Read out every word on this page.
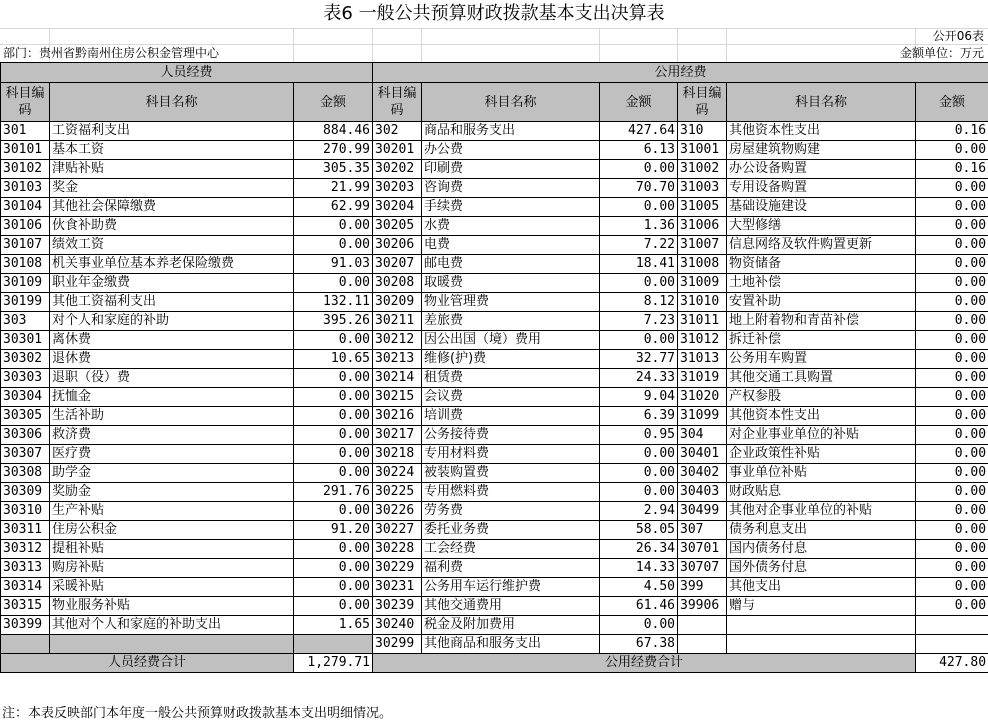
表6 一般公共预算财政拨款基本支出决算表
公开06表
部门：贵州省黔南州住房公积金管理中心	金额单位：万元
人员经费			公用经费					
科目编码	科目名称	金额	科目编码	科目名称	金额	科目编码	科目名称	金额
301	工资福利支出	884.46	302	商品和服务支出	427.64	310	其他资本性支出	0.16
30101	基本工资	270.99	30201	办公费	6.13	31001	房屋建筑物购建	0.00
30102	津贴补贴	305.35	30202	印刷费	0.00	31002	办公设备购置	0.16
30103	奖金	21.99	30203	咨询费	70.70	31003	专用设备购置	0.00
30104	其他社会保障缴费	62.99	30204	手续费	0.00	31005	基础设施建设	0.00
30106	伙食补助费	0.00	30205	水费	1.36	31006	大型修缮	0.00
30107	绩效工资	0.00	30206	电费	7.22	31007	信息网络及软件购置更新	0.00
30108	机关事业单位基本养老保险缴费	91.03	30207	邮电费	18.41	31008	物资储备	0.00
30109	职业年金缴费	0.00	30208	取暖费	0.00	31009	土地补偿	0.00
30199	其他工资福利支出	132.11	30209	物业管理费	8.12	31010	安置补助	0.00
303	对个人和家庭的补助	395.26	30211	差旅费	7.23	31011	地上附着物和青苗补偿	0.00
30301	离休费	0.00	30212	因公出国（境）费用	0.00	31012	拆迁补偿	0.00
30302	退休费	10.65	30213	维修(护)费	32.77	31013	公务用车购置	0.00
30303	退职（役）费	0.00	30214	租赁费	24.33	31019	其他交通工具购置	0.00
30304	抚恤金	0.00	30215	会议费	9.04	31020	产权参股	0.00
30305	生活补助	0.00	30216	培训费	6.39	31099	其他资本性支出	0.00
30306	救济费	0.00	30217	公务接待费	0.95	304	对企业事业单位的补贴	0.00
30307	医疗费	0.00	30218	专用材料费	0.00	30401	企业政策性补贴	0.00
30308	助学金	0.00	30224	被装购置费	0.00	30402	事业单位补贴	0.00
30309	奖励金	291.76	30225	专用燃料费	0.00	30403	财政贴息	0.00
30310	生产补贴	0.00	30226	劳务费	2.94	30499	其他对企事业单位的补贴	0.00
30311	住房公积金	91.20	30227	委托业务费	58.05	307	债务利息支出	0.00
30312	提租补贴	0.00	30228	工会经费	26.34	30701	国内债务付息	0.00
30313	购房补贴	0.00	30229	福利费	14.33	30707	国外债务付息	0.00
30314	采暖补贴	0.00	30231	公务用车运行维护费	4.50	399	其他支出	0.00
30315	物业服务补贴	0.00	30239	其他交通费用	61.46	39906	赠与	0.00
30399	其他对个人和家庭的补助支出	1.65	30240	税金及附加费用	0.00			
			30299	其他商品和服务支出	67.38			
人员经费合计		1,279.71	公用经费合计					427.80
注：本表反映部门本年度一般公共预算财政拨款基本支出明细情况。
